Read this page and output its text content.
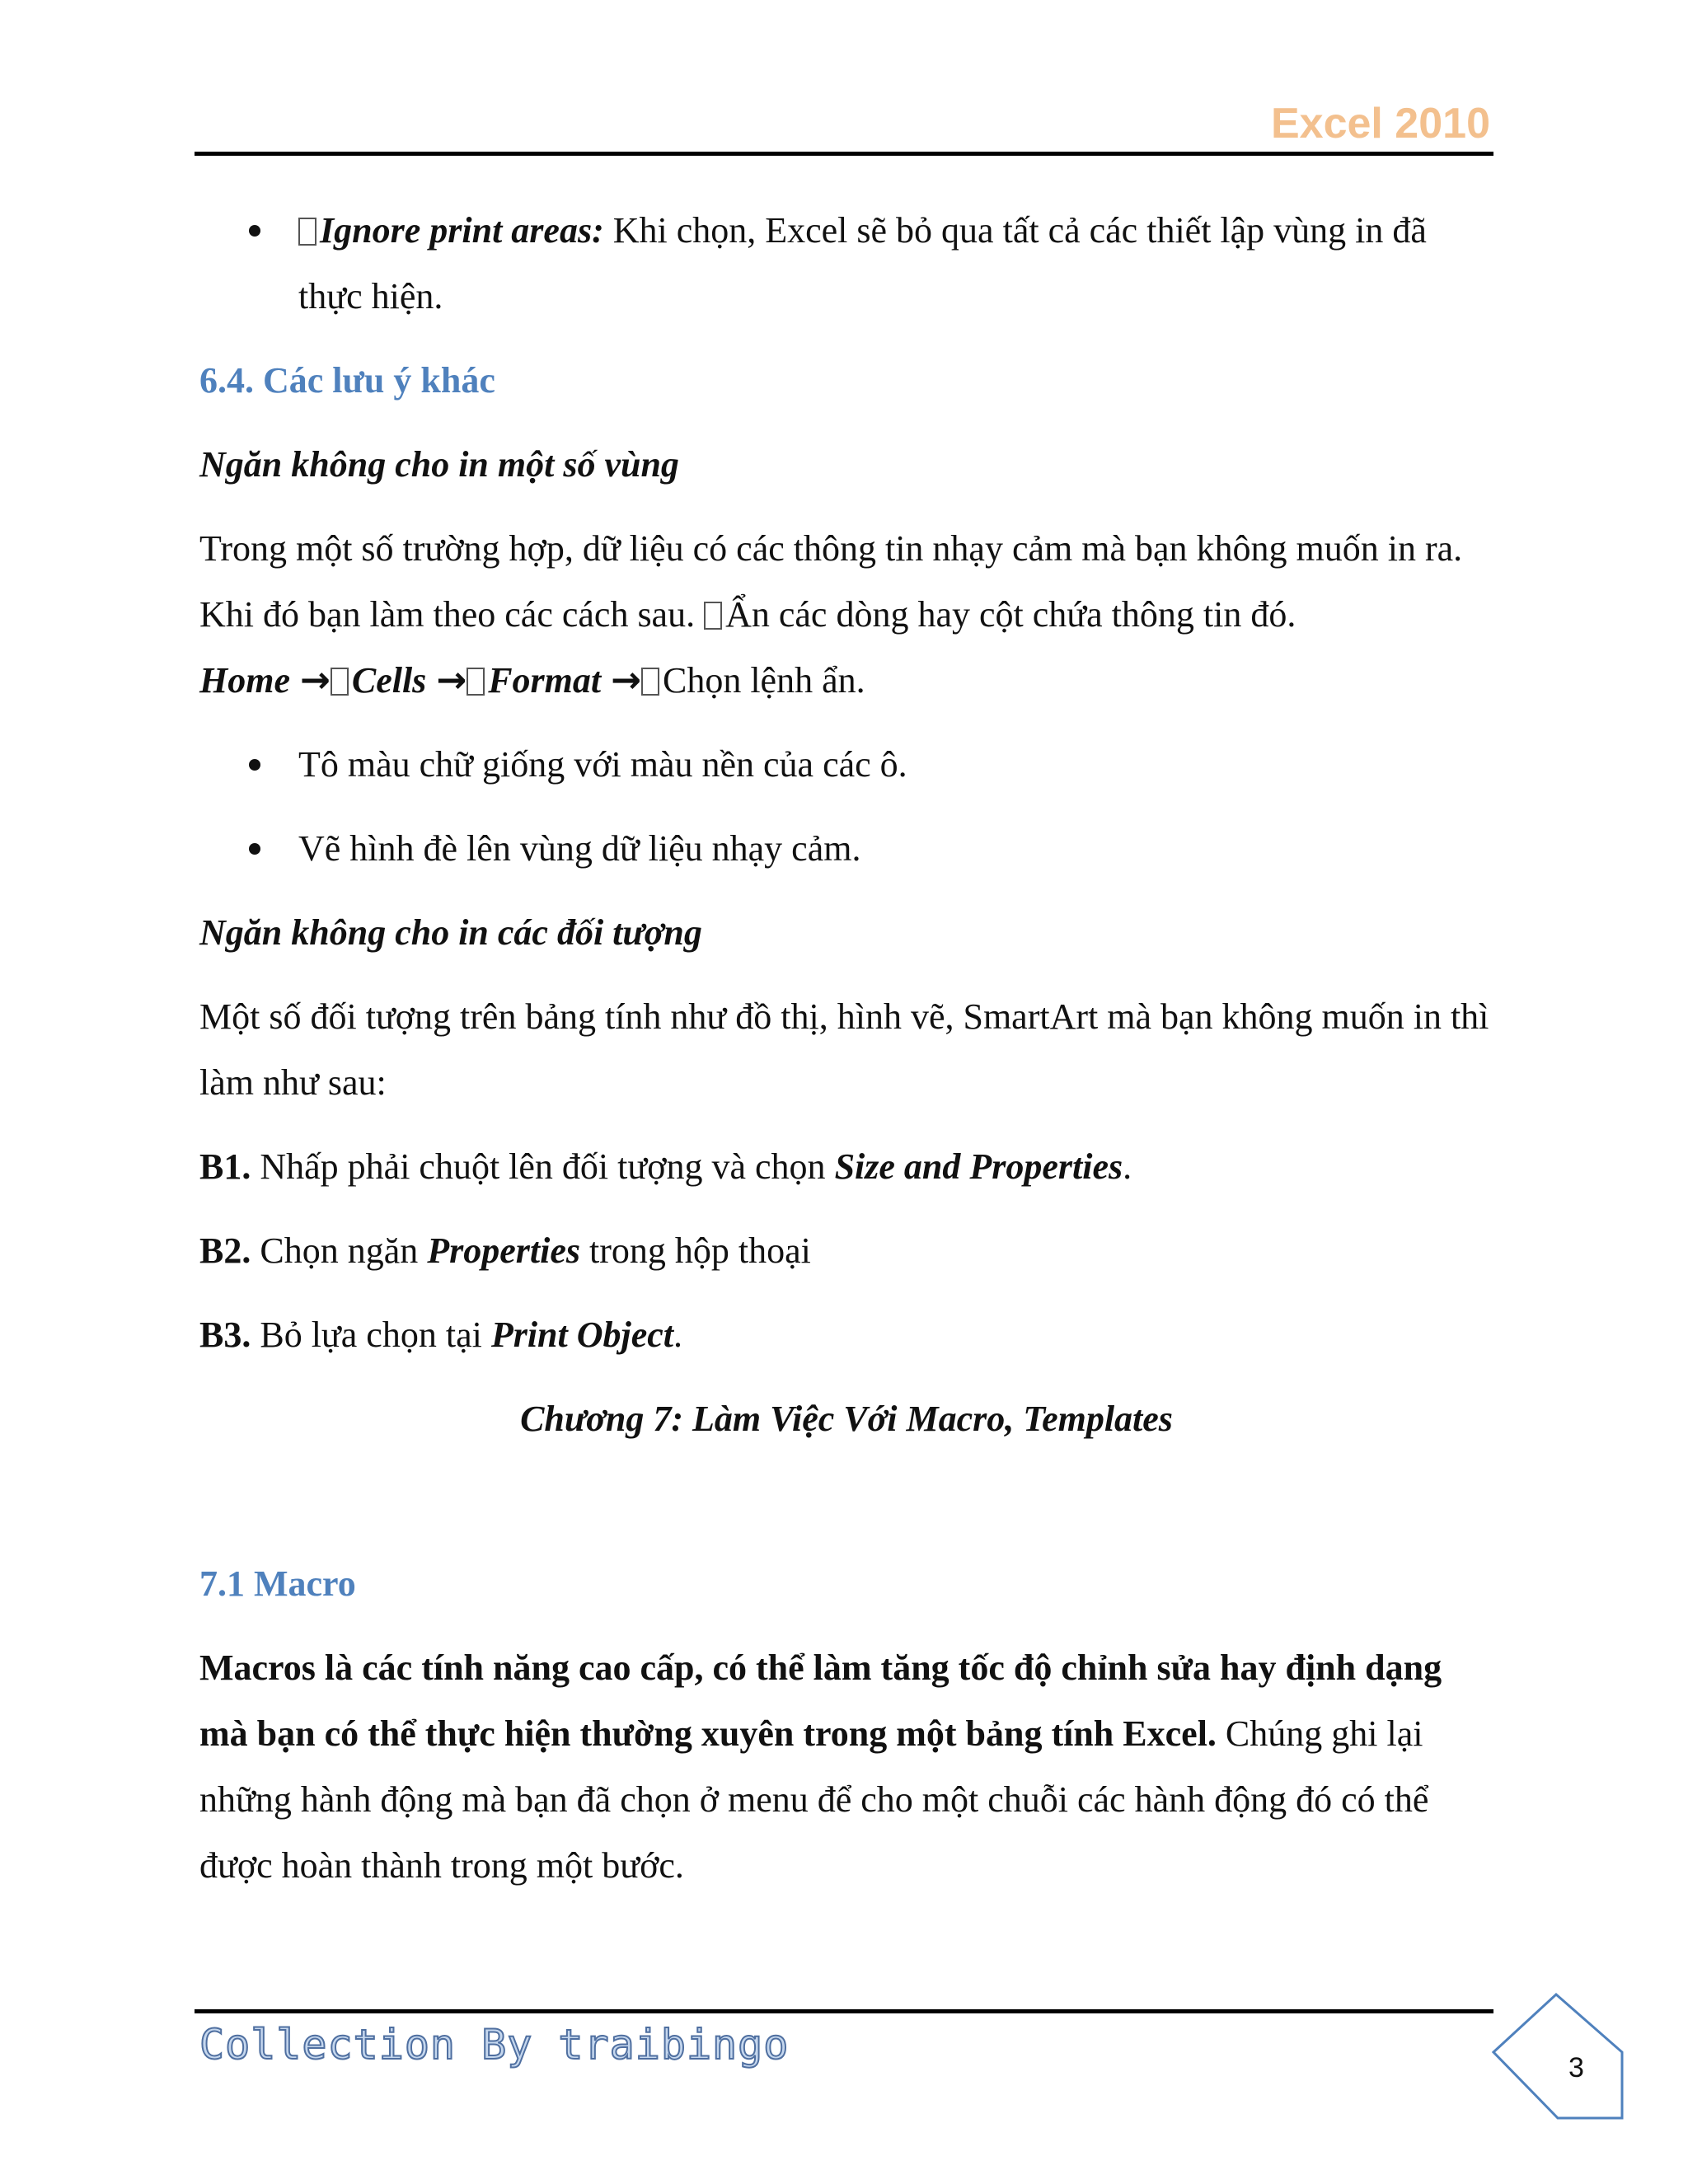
Excel 2010
Ignore print areas: Khi chọn, Excel sẽ bỏ qua tất cả các thiết lập vùng in đã thực hiện.
6.4. Các lưu ý khác
Ngăn không cho in một số vùng
Trong một số trường hợp, dữ liệu có các thông tin nhạy cảm mà bạn không muốn in ra. Khi đó bạn làm theo các cách sau. Ẩn các dòng hay cột chứa thông tin đó.
Home → Cells → Format → Chọn lệnh ẩn.
Tô màu chữ giống với màu nền của các ô.
Vẽ hình đè lên vùng dữ liệu nhạy cảm.
Ngăn không cho in các đối tượng
Một số đối tượng trên bảng tính như đồ thị, hình vẽ, SmartArt mà bạn không muốn in thì làm như sau:
B1. Nhấp phải chuột lên đối tượng và chọn Size and Properties.
B2. Chọn ngăn Properties trong hộp thoại
B3. Bỏ lựa chọn tại Print Object.
Chương 7: Làm Việc Với Macro, Templates
7.1 Macro
Macros là các tính năng cao cấp, có thể làm tăng tốc độ chỉnh sửa hay định dạng mà bạn có thể thực hiện thường xuyên trong một bảng tính Excel. Chúng ghi lại những hành động mà bạn đã chọn ở menu để cho một chuỗi các hành động đó có thể được hoàn thành trong một bước.
Collection By traibingo	3
